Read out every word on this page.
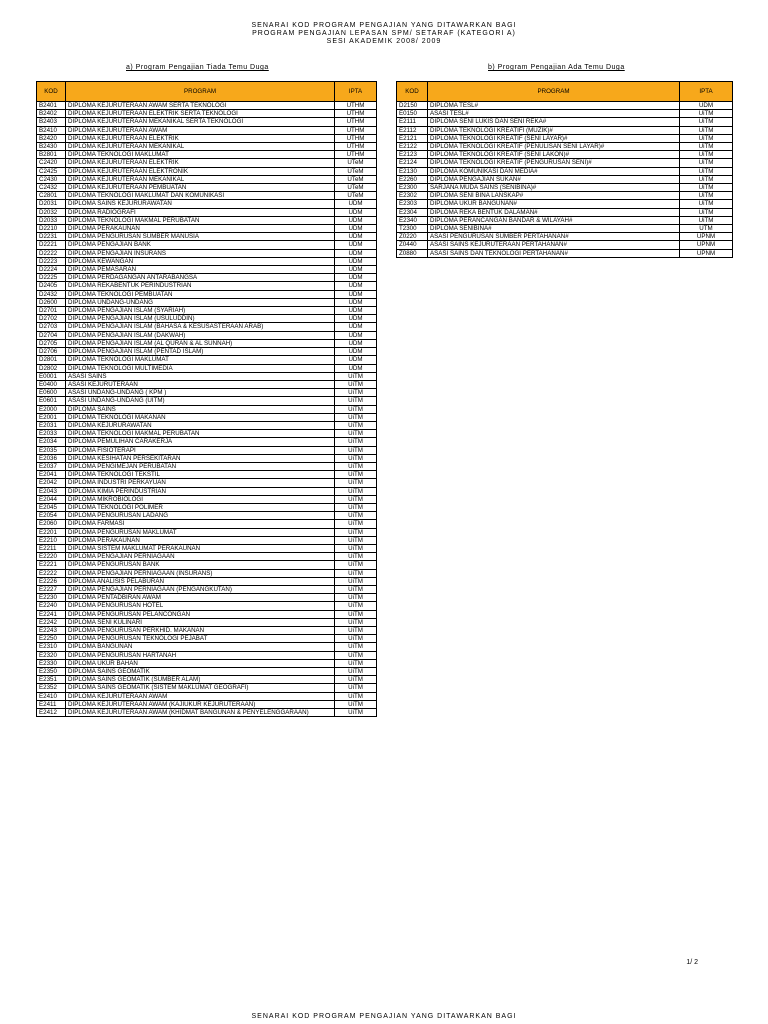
SENARAI KOD PROGRAM PENGAJIAN YANG DITAWARKAN BAGI
PROGRAM PENGAJIAN LEPASAN SPM/ SETARAF (KATEGORI A)
SESI AKADEMIK 2008/ 2009
a) Program Pengajian Tiada Temu Duga	b) Program Pengajian Ada Temu Duga
KOD	PROGRAM	IPTA
B2401	DIPLOMA KEJURUTERAAN AWAM SERTA TEKNOLOGI	UTHM
B2402	DIPLOMA KEJURUTERAAN ELEKTRIK SERTA TEKNOLOGI	UTHM
B2403	DIPLOMA KEJURUTERAAN MEKANIKAL SERTA TEKNOLOGI	UTHM
B2410	DIPLOMA KEJURUTERAAN AWAM	UTHM
B2420	DIPLOMA KEJURUTERAAN ELEKTRIK	UTHM
B2430	DIPLOMA KEJURUTERAAN MEKANIKAL	UTHM
B2801	DIPLOMA TEKNOLOGI MAKLUMAT	UTHM
C2420	DIPLOMA KEJURUTERAAN ELEKTRIK	UTeM
C2425	DIPLOMA KEJURUTERAAN ELEKTRONIK	UTeM
C2430	DIPLOMA KEJURUTERAAN MEKANIKAL	UTeM
C2432	DIPLOMA KEJURUTERAAN PEMBUATAN	UTeM
C2801	DIPLOMA TEKNOLOGI MAKLUMAT DAN KOMUNIKASI	UTeM
D2031	DIPLOMA SAINS KEJURURAWATAN	UDM
D2032	DIPLOMA RADIOGRAFI	UDM
D2033	DIPLOMA TEKNOLOGI MAKMAL PERUBATAN	UDM
D2210	DIPLOMA PERAKAUNAN	UDM
D2231	DIPLOMA PENGURUSAN SUMBER MANUSIA	UDM
D2221	DIPLOMA PENGAJIAN BANK	UDM
D2222	DIPLOMA PENGAJIAN INSURANS	UDM
D2223	DIPLOMA KEWANGAN	UDM
D2224	DIPLOMA PEMASARAN	UDM
D2225	DIPLOMA PERDAGANGAN ANTARABANGSA	UDM
D2405	DIPLOMA REKABENTUK PERINDUSTRIAN	UDM
D2432	DIPLOMA TEKNOLOGI PEMBUATAN	UDM
D2600	DIPLOMA UNDANG-UNDANG	UDM
D2701	DIPLOMA PENGAJIAN ISLAM (SYARIAH)	UDM
D2702	DIPLOMA PENGAJIAN ISLAM (USULUDDIN)	UDM
D2703	DIPLOMA PENGAJIAN ISLAM (BAHASA & KESUSASTERAAN ARAB)	UDM
D2704	DIPLOMA PENGAJIAN ISLAM (DAKWAH)	UDM
D2705	DIPLOMA PENGAJIAN ISLAM (AL QURAN & AL SUNNAH)	UDM
D2706	DIPLOMA PENGAJIAN ISLAM (PENTAD ISLAM)	UDM
D2801	DIPLOMA TEKNOLOGI MAKLUMAT	UDM
D2802	DIPLOMA TEKNOLOGI MULTIMEDIA	UDM
E0001	ASASI SAINS	UiTM
E0400	ASASI KEJURUTERAAN	UiTM
E0600	ASASI UNDANG-UNDANG ( KPM )	UiTM
E0601	ASASI UNDANG-UNDANG (UITM)	UiTM
E2000	DIPLOMA SAINS	UiTM
E2001	DIPLOMA TEKNOLOGI MAKANAN	UiTM
E2031	DIPLOMA KEJURURAWATAN	UiTM
E2033	DIPLOMA TEKNOLOGI MAKMAL PERUBATAN	UiTM
E2034	DIPLOMA PEMULIHAN CARAKERJA	UiTM
E2035	DIPLOMA FISIOTERAPI	UiTM
E2036	DIPLOMA KESIHATAN PERSEKITARAN	UiTM
E2037	DIPLOMA PENGIMEJAN PERUBATAN	UiTM
E2041	DIPLOMA TEKNOLOGI TEKSTIL	UiTM
E2042	DIPLOMA INDUSTRI PERKAYUAN	UiTM
E2043	DIPLOMA KIMIA PERINDUSTRIAN	UiTM
E2044	DIPLOMA MIKROBIOLOGI	UiTM
E2045	DIPLOMA TEKNOLOGI POLIMER	UiTM
E2054	DIPLOMA PENGURUSAN LADANG	UiTM
E2060	DIPLOMA FARMASI	UiTM
E2201	DIPLOMA PENGURUSAN MAKLUMAT	UiTM
E2210	DIPLOMA PERAKAUNAN	UiTM
E2211	DIPLOMA SISTEM MAKLUMAT PERAKAUNAN	UiTM
E2220	DIPLOMA PENGAJIAN PERNIAGAAN	UiTM
E2221	DIPLOMA PENGURUSAN BANK	UiTM
E2222	DIPLOMA PENGAJIAN PERNIAGAAN (INSURANS)	UiTM
E2226	DIPLOMA ANALISIS PELABURAN	UiTM
E2227	DIPLOMA PENGAJIAN PERNIAGAAN (PENGANGKUTAN)	UiTM
E2230	DIPLOMA PENTADBIRAN AWAM	UiTM
E2240	DIPLOMA PENGURUSAN HOTEL	UiTM
E2241	DIPLOMA PENGURUSAN PELANCONGAN	UiTM
E2242	DIPLOMA SENI KULINARI	UiTM
E2243	DIPLOMA PENGURUSAN PERKHID. MAKANAN	UiTM
E2250	DIPLOMA PENGURUSAN TEKNOLOGI PEJABAT	UiTM
E2310	DIPLOMA BANGUNAN	UiTM
E2320	DIPLOMA PENGURUSAN HARTANAH	UiTM
E2330	DIPLOMA UKUR BAHAN	UiTM
E2350	DIPLOMA SAINS GEOMATIK	UiTM
E2351	DIPLOMA SAINS GEOMATIK (SUMBER ALAM)	UiTM
E2352	DIPLOMA SAINS GEOMATIK (SISTEM MAKLUMAT GEOGRAFI)	UiTM
E2410	DIPLOMA KEJURUTERAAN AWAM	UiTM
E2411	DIPLOMA KEJURUTERAAN AWAM (KAJIUKUR KEJURUTERAAN)	UiTM
E2412	DIPLOMA KEJURUTERAAN AWAM (KHIDMAT BANGUNAN & PENYELENGGARAAN)	UiTM
KOD	PROGRAM	IPTA
D2150	DIPLOMA TESL#	UDM
E0150	ASASI TESL#	UiTM
E2111	DIPLOMA SENI LUKIS DAN SENI REKA#	UiTM
E2112	DIPLOMA TEKNOLOGI KREATIFI (MUZIK)#	UiTM
E2121	DIPLOMA TEKNOLOGI KREATIF (SENI LAYAR)#	UiTM
E2122	DIPLOMA TEKNOLOGI KREATIF (PENULISAN SENI LAYAR)#	UiTM
E2123	DIPLOMA TEKNOLOGI KREATIF (SENI LAKON)#	UiTM
E2124	DIPLOMA TEKNOLOGI KREATIF (PENGURUSAN SENI)#	UiTM
E2130	DIPLOMA KOMUNIKASI DAN MEDIA#	UiTM
E2260	DIPLOMA PENGAJIAN SUKAN#	UiTM
E2300	SARJANA MUDA SAINS (SENIBINA)#	UiTM
E2302	DIPLOMA SENI BINA LANSKAP#	UiTM
E2303	DIPLOMA UKUR BANGUNAN#	UiTM
E2304	DIPLOMA REKA BENTUK DALAMAN#	UiTM
E2340	DIPLOMA PERANCANGAN BANDAR & WILAYAH#	UiTM
T2300	DIPLOMA SENIBINA#	UTM
Z0220	ASASI PENGURUSAN SUMBER PERTAHANAN#	UPNM
Z0440	ASASI SAINS KEJURUTERAAN PERTAHANAN#	UPNM
Z0880	ASASI SAINS DAN TEKNOLOGI PERTAHANAN#	UPNM
1/ 2
SENARAI KOD PROGRAM PENGAJIAN YANG DITAWARKAN BAGI
